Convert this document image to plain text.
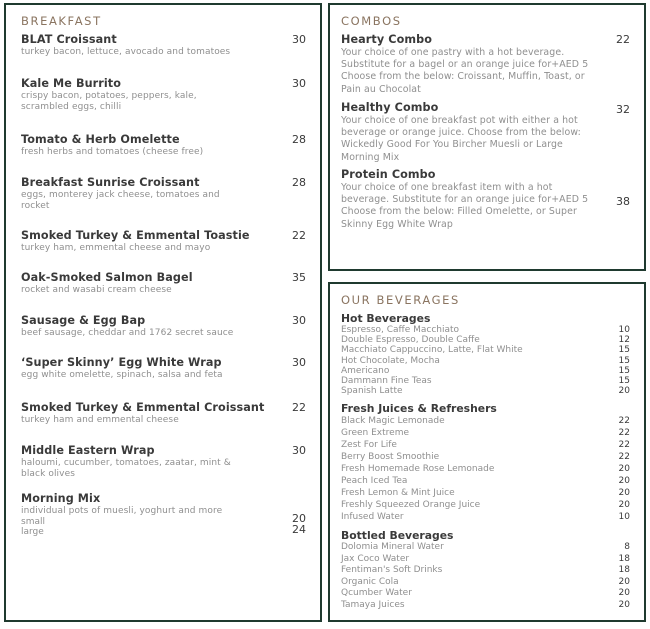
BREAKFAST
BLAT Croissant
turkey bacon, lettuce, avocado and tomatoes
30
Kale Me Burrito
crispy bacon, potatoes, peppers, kale, scrambled eggs, chilli
30
Tomato & Herb Omelette
fresh herbs and tomatoes (cheese free)
28
Breakfast Sunrise Croissant
eggs, monterey jack cheese, tomatoes and rocket
28
Smoked Turkey & Emmental Toastie
turkey ham, emmental cheese and mayo
22
Oak-Smoked Salmon Bagel
rocket and wasabi cream cheese
35
Sausage & Egg Bap
beef sausage, cheddar and 1762 secret sauce
30
‘Super Skinny’ Egg White Wrap
egg white omelette, spinach, salsa and feta
30
Smoked Turkey & Emmental Croissant
turkey ham and emmental cheese
22
Middle Eastern Wrap
haloumi, cucumber, tomatoes, zaatar, mint & black olives
30
Morning Mix
individual pots of muesli, yoghurt and more
small	20
large	24
COMBOS
Hearty Combo
Your choice of one pastry with a hot beverage. Substitute for a bagel or an orange juice for+AED 5 Choose from the below: Croissant, Muffin, Toast, or Pain au Chocolat
22
Healthy Combo
Your choice of one breakfast pot with either a hot beverage or orange juice. Choose from the below: Wickedly Good For You Bircher Muesli or Large Morning Mix
32
Protein Combo
Your choice of one breakfast item with a hot beverage. Substitute for an orange juice for+AED 5 Choose from the below: Filled Omelette, or Super Skinny Egg White Wrap
38
OUR BEVERAGES
Hot Beverages
Espresso, Caffe Macchiato	10
Double Espresso, Double Caffe	12
Macchiato Cappuccino, Latte, Flat White	15
Hot Chocolate, Mocha	15
Americano	15
Dammann Fine Teas	15
Spanish Latte	20
Fresh Juices & Refreshers
Black Magic Lemonade	22
Green Extreme	22
Zest For Life	22
Berry Boost Smoothie	22
Fresh Homemade Rose Lemonade	20
Peach Iced Tea	20
Fresh Lemon & Mint Juice	20
Freshly Squeezed Orange Juice	20
Infused Water	10
Bottled Beverages
Dolomia Mineral Water	8
Jax Coco Water	18
Fentiman's Soft Drinks	18
Organic Cola	20
Qcumber Water	20
Tamaya Juices	20
